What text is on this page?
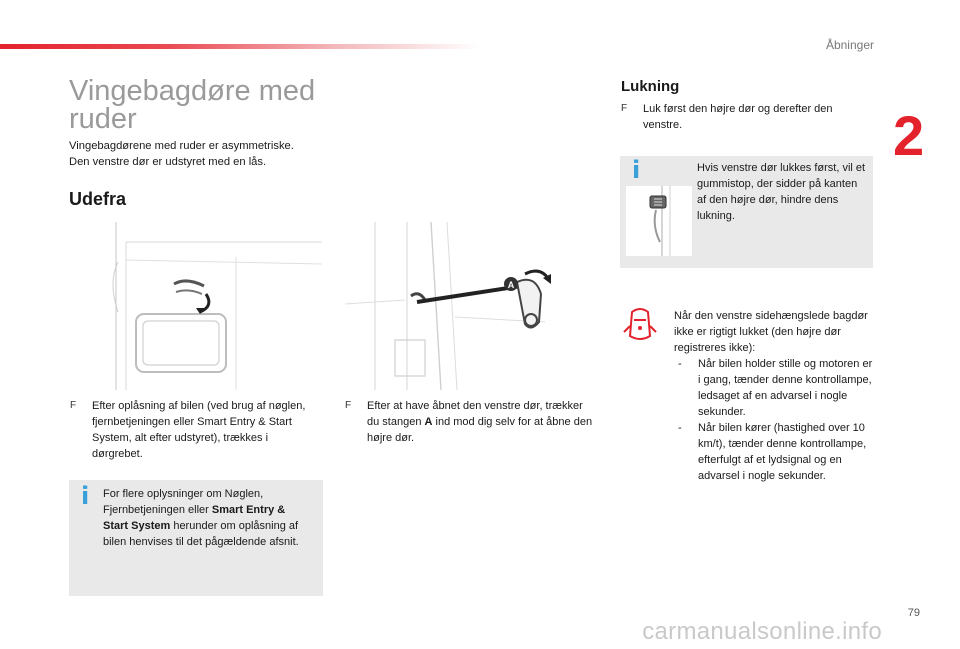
Åbninger
2
Vingebagdøre med
ruder
Vingebagdørene med ruder er asymmetriske.
Den venstre dør er udstyret med en lås.
Udefra
A
F	Efter oplåsning af bilen (ved brug af nøglen, fjernbetjeningen eller Smart Entry & Start System, alt efter udstyret), trækkes i dørgrebet.
F	Efter at have åbnet den venstre dør, trækker du stangen A ind mod dig selv for at åbne den højre dør.
i For flere oplysninger om Nøglen, Fjernbetjeningen eller Smart Entry & Start System herunder om oplåsning af bilen henvises til det pågældende afsnit.
Lukning
F	Luk først den højre dør og derefter den venstre.
i	Hvis venstre dør lukkes først, vil et gummistop, der sidder på kanten af den højre dør, hindre dens lukning.
Når den venstre sidehængslede bagdør ikke er rigtigt lukket (den højre dør registreres ikke):
- Når bilen holder stille og motoren er i gang, tænder denne kontrollampe, ledsaget af en advarsel i nogle sekunder.
- Når bilen kører (hastighed over 10 km/t), tænder denne kontrollampe, efterfulgt af et lydsignal og en advarsel i nogle sekunder.
79
carmanualsonline.info
